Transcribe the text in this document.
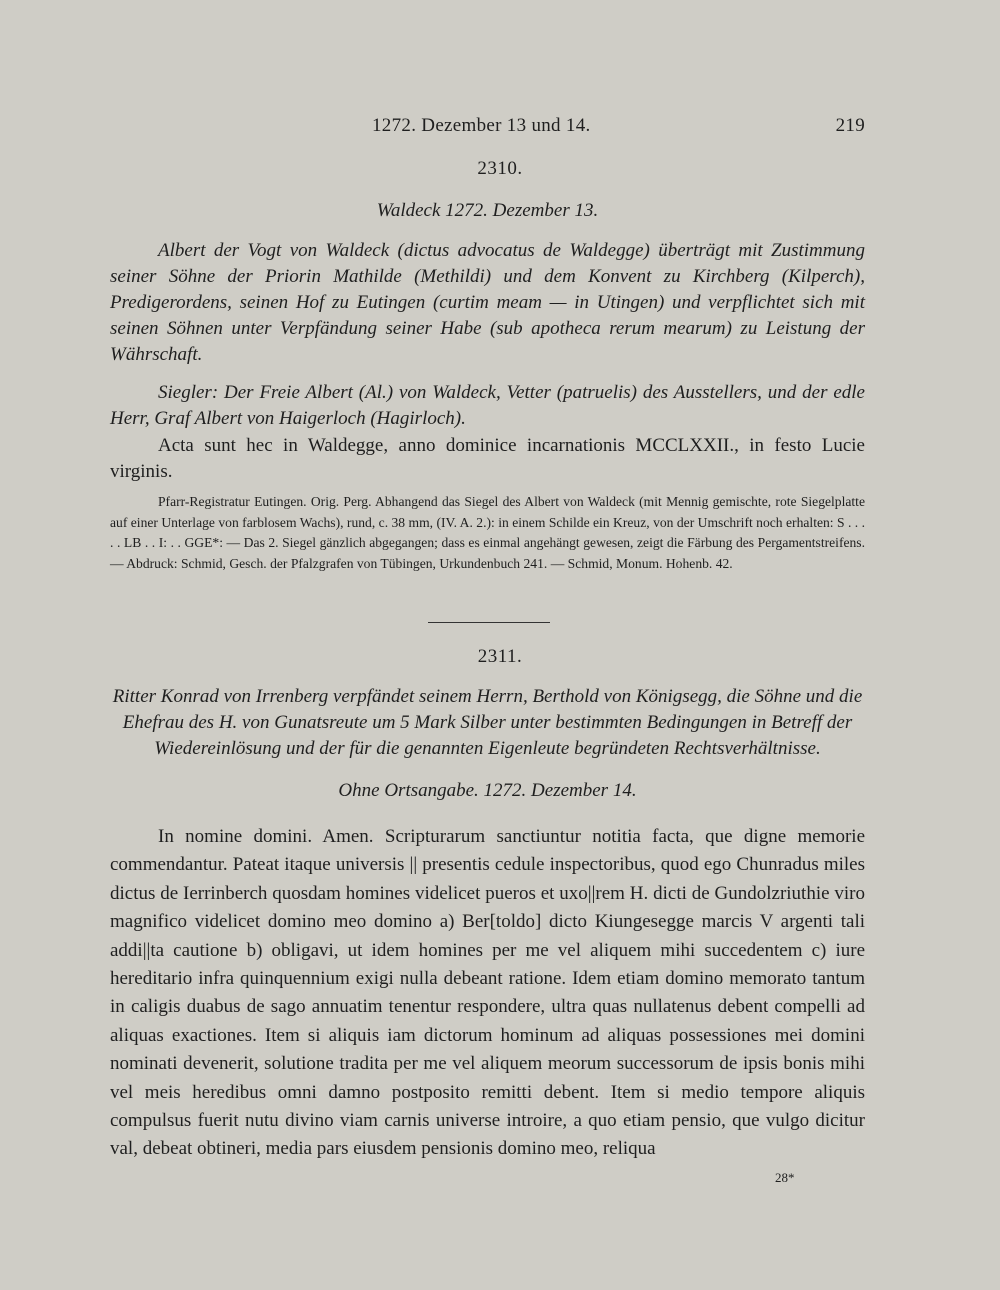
1272. Dezember 13 und 14.	219
2310.
Waldeck 1272. Dezember 13.

Albert der Vogt von Waldeck (dictus advocatus de Waldegge) überträgt mit Zustimmung seiner Söhne der Priorin Mathilde (Methildi) und dem Konvent zu Kirchberg (Kilperch), Predigerordens, seinen Hof zu Eutingen (curtim meam — in Utingen) und verpflichtet sich mit seinen Söhnen unter Verpfändung seiner Habe (sub apotheca rerum mearum) zu Leistung der Währschaft.

Siegler: Der Freie Albert (Al.) von Waldeck, Vetter (patruelis) des Ausstellers, und der edle Herr, Graf Albert von Haigerloch (Hagirloch).

Acta sunt hec in Waldegge, anno dominice incarnationis MCCLXXII., in festo Lucie virginis.

Pfarr-Registratur Eutingen. Orig. Perg. Abhangend das Siegel des Albert von Waldeck (mit Mennig gemischte, rote Siegelplatte auf einer Unterlage von farblosem Wachs), rund, c. 38 mm, (IV. A. 2.): in einem Schilde ein Kreuz, von der Umschrift noch erhalten: S . . . . . LB . . I: . . GGE*: — Das 2. Siegel gänzlich abgegangen; dass es einmal angehängt gewesen, zeigt die Färbung des Pergamentstreifens. — Abdruck: Schmid, Gesch. der Pfalzgrafen von Tübingen, Urkundenbuch 241. — Schmid, Monum. Hohenb. 42.

2311.

Ritter Konrad von Irrenberg verpfändet seinem Herrn, Berthold von Königsegg, die Söhne und die Ehefrau des H. von Gunatsreute um 5 Mark Silber unter bestimmten Bedingungen in Betreff der Wiedereinlösung und der für die genannten Eigenleute begründeten Rechtsverhältnisse.

Ohne Ortsangabe. 1272. Dezember 14.

In nomine domini. Amen. Scripturarum sanctiuntur notitia facta, que digne memorie commendantur. Pateat itaque universis || presentis cedule inspectoribus, quod ego Chunradus miles dictus de Ierrinberch quosdam homines videlicet pueros et uxo||rem H. dicti de Gundolzriuthie viro magnifico videlicet domino meo domino a) Ber[toldo] dicto Kiungesegge marcis V argenti tali addi||ta cautione b) obligavi, ut idem homines per me vel aliquem mihi succedentem c) iure hereditario infra quinquennium exigi nulla debeant ratione. Idem etiam domino memorato tantum in caligis duabus de sago annuatim tenentur respondere, ultra quas nullatenus debent compelli ad aliquas exactiones. Item si aliquis iam dictorum hominum ad aliquas possessiones mei domini nominati devenerit, solutione tradita per me vel aliquem meorum successorum de ipsis bonis mihi vel meis heredibus omni damno postposito remitti debent. Item si medio tempore aliquis compulsus fuerit nutu divino viam carnis universe introire, a quo etiam pensio, que vulgo dicitur val, debeat obtineri, media pars eiusdem pensionis domino meo, reliqua

28*
